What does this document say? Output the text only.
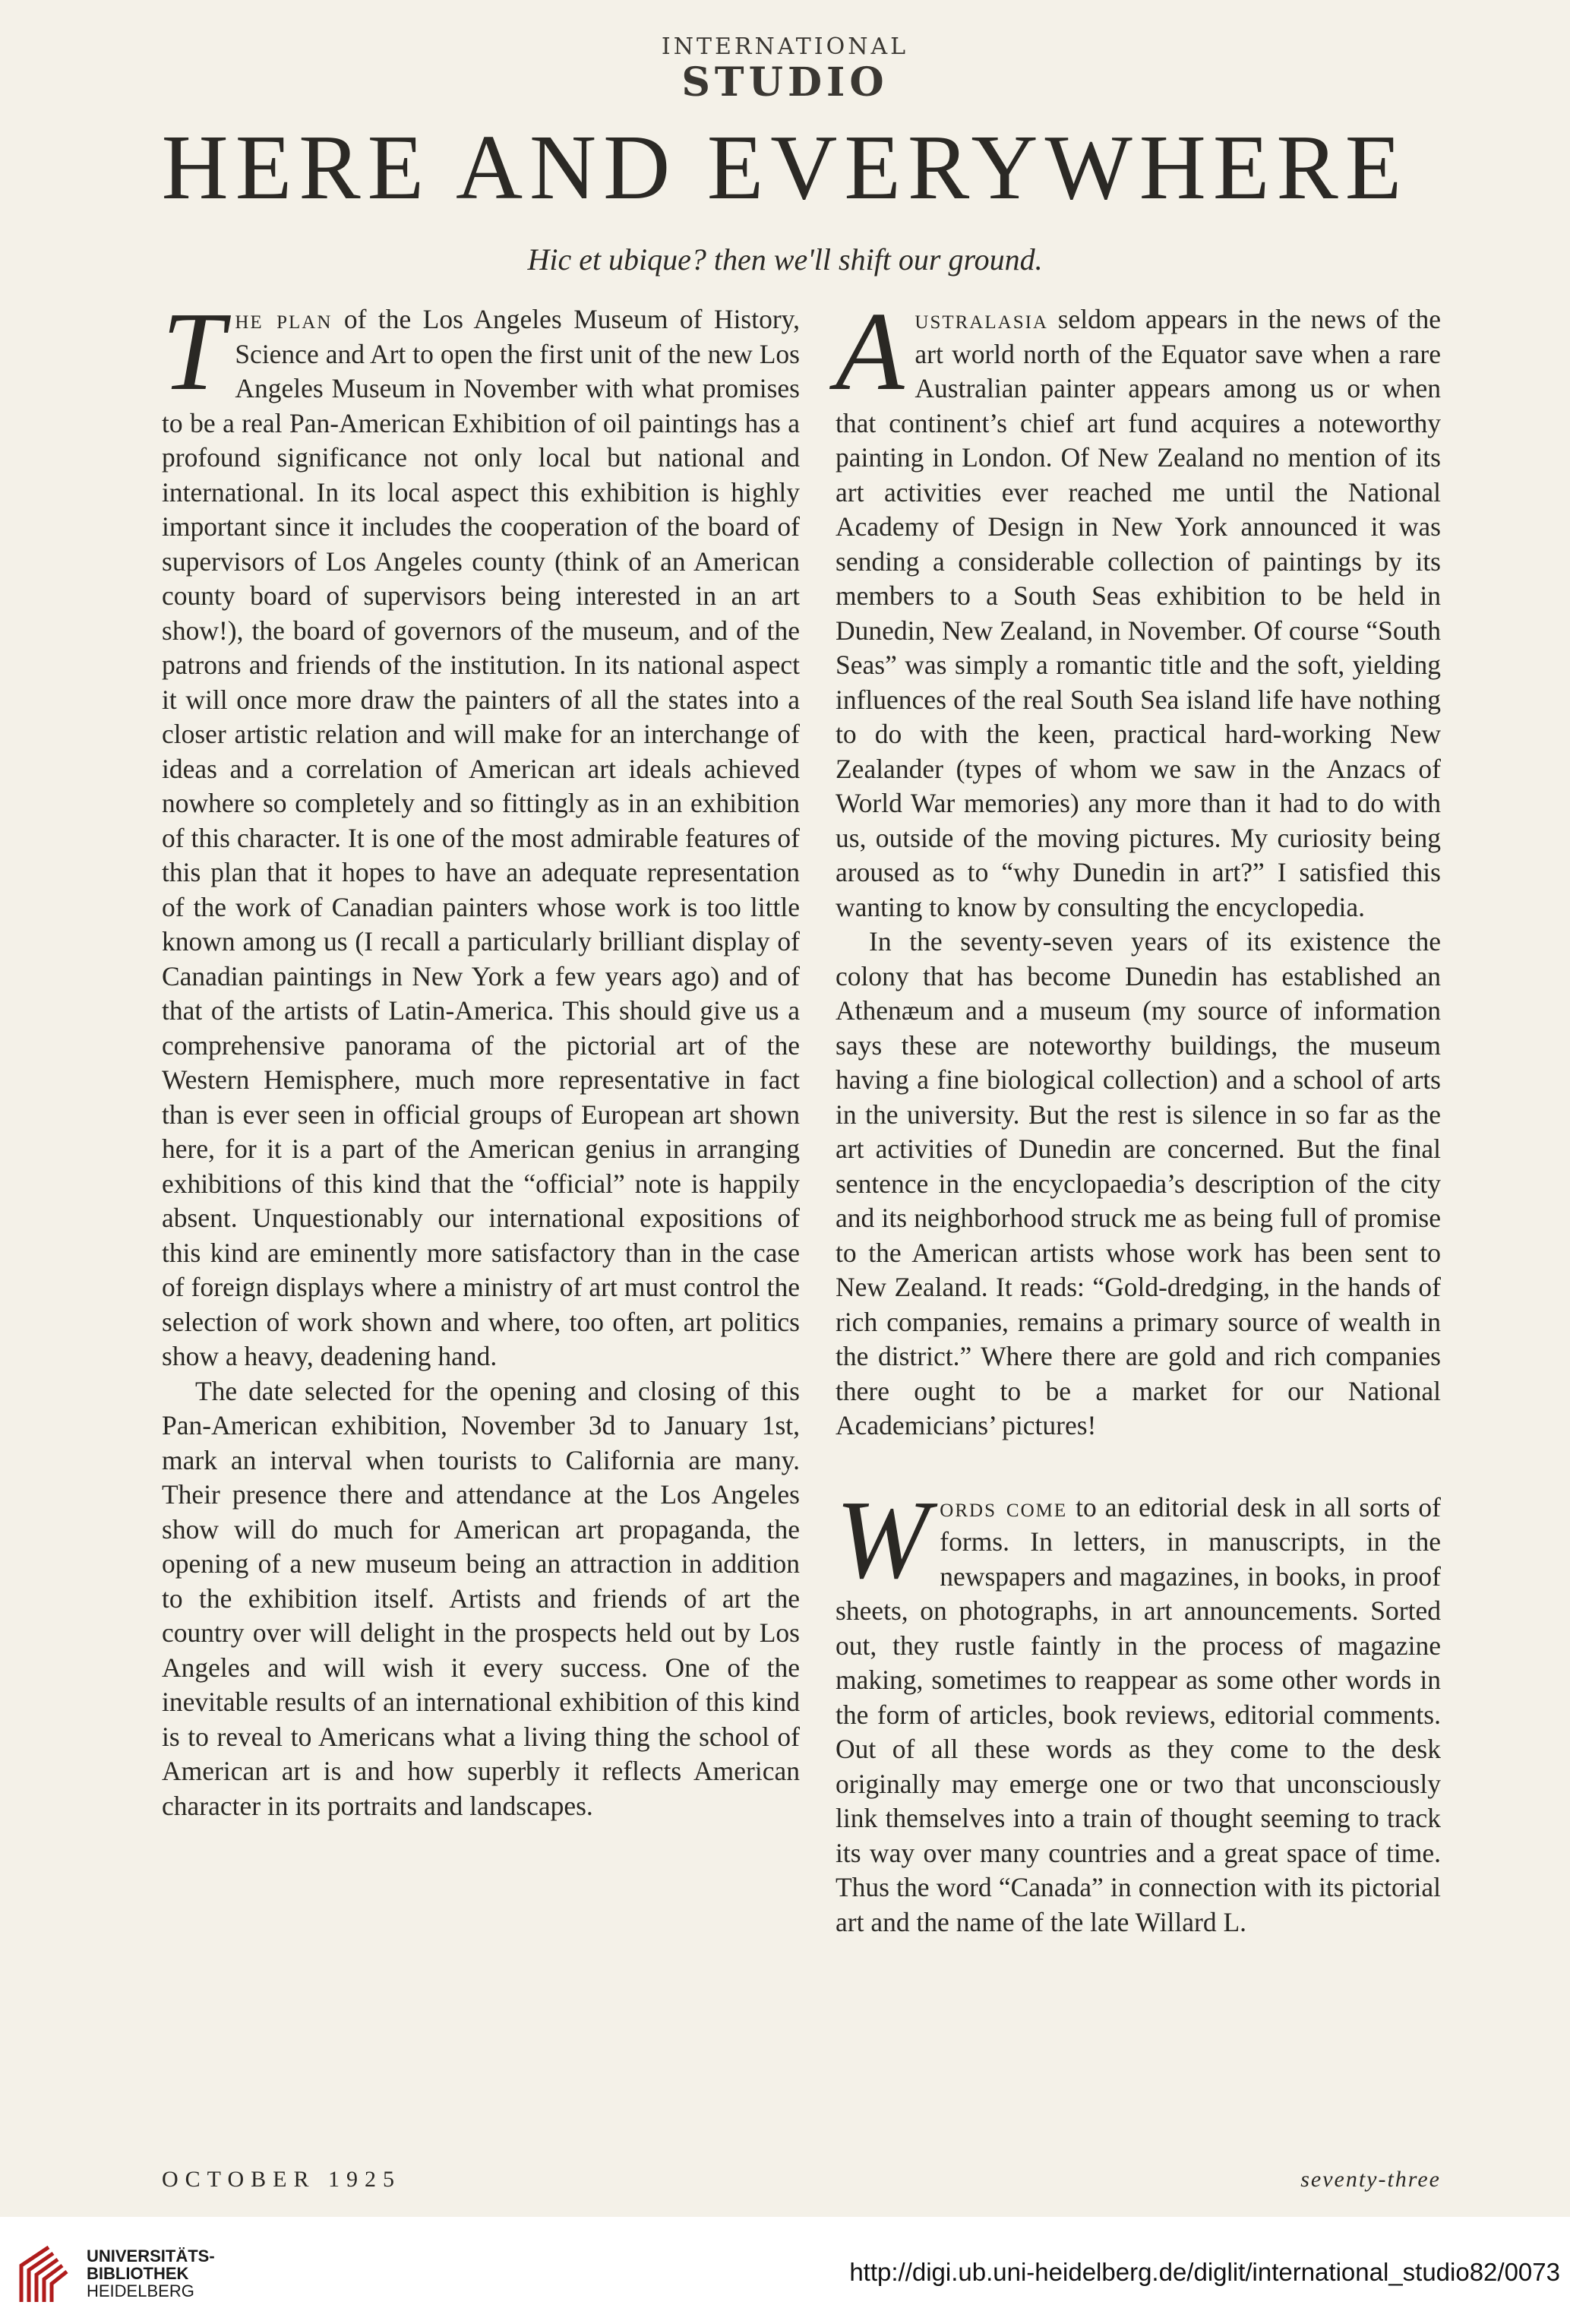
INTERNATIONAL
STUDIO
HERE AND EVERYWHERE
Hic et ubique? then we'll shift our ground.

The plan of the Los Angeles Museum of History, Science and Art to open the first unit of the new Los Angeles Museum in November with what promises to be a real Pan-American Exhibition of oil paintings has a profound significance not only local but national and international. In its local aspect this exhibition is highly important since it includes the cooperation of the board of supervisors of Los Angeles county (think of an American county board of supervisors being interested in an art show!), the board of governors of the museum, and of the patrons and friends of the institution. In its national aspect it will once more draw the painters of all the states into a closer artistic relation and will make for an interchange of ideas and a correlation of American art ideals achieved nowhere so completely and so fittingly as in an exhibition of this character. It is one of the most admirable features of this plan that it hopes to have an adequate representation of the work of Canadian painters whose work is too little known among us (I recall a particularly brilliant display of Canadian paintings in New York a few years ago) and of that of the artists of Latin-America. This should give us a comprehensive panorama of the pictorial art of the Western Hemisphere, much more representative in fact than is ever seen in official groups of European art shown here, for it is a part of the American genius in arranging exhibitions of this kind that the “official” note is happily absent. Unquestionably our international expositions of this kind are eminently more satisfactory than in the case of foreign displays where a ministry of art must control the selection of work shown and where, too often, art politics show a heavy, deadening hand.

The date selected for the opening and closing of this Pan-American exhibition, November 3d to January 1st, mark an interval when tourists to California are many. Their presence there and attendance at the Los Angeles show will do much for American art propaganda, the opening of a new museum being an attraction in addition to the exhibition itself. Artists and friends of art the country over will delight in the prospects held out by Los Angeles and will wish it every success. One of the inevitable results of an international exhibition of this kind is to reveal to Americans what a living thing the school of American art is and how superbly it reflects American character in its portraits and landscapes.

Australasia seldom appears in the news of the art world north of the Equator save when a rare Australian painter appears among us or when that continent’s chief art fund acquires a noteworthy painting in London. Of New Zealand no mention of its art activities ever reached me until the National Academy of Design in New York announced it was sending a considerable collection of paintings by its members to a South Seas exhibition to be held in Dunedin, New Zealand, in November. Of course “South Seas” was simply a romantic title and the soft, yielding influences of the real South Sea island life have nothing to do with the keen, practical hard-working New Zealander (types of whom we saw in the Anzacs of World War memories) any more than it had to do with us, outside of the moving pictures. My curiosity being aroused as to “why Dunedin in art?” I satisfied this wanting to know by consulting the encyclopedia.

In the seventy-seven years of its existence the colony that has become Dunedin has established an Athenæum and a museum (my source of information says these are noteworthy buildings, the museum having a fine biological collection) and a school of arts in the university. But the rest is silence in so far as the art activities of Dunedin are concerned. But the final sentence in the encyclopaedia’s description of the city and its neighborhood struck me as being full of promise to the American artists whose work has been sent to New Zealand. It reads: “Gold-dredging, in the hands of rich companies, remains a primary source of wealth in the district.” Where there are gold and rich companies there ought to be a market for our National Academicians’ pictures!

Words come to an editorial desk in all sorts of forms. In letters, in manuscripts, in the newspapers and magazines, in books, in proof sheets, on photographs, in art announcements. Sorted out, they rustle faintly in the process of magazine making, sometimes to reappear as some other words in the form of articles, book reviews, editorial comments. Out of all these words as they come to the desk originally may emerge one or two that unconsciously link themselves into a train of thought seeming to track its way over many countries and a great space of time. Thus the word “Canada” in connection with its pictorial art and the name of the late Willard L.

OCTOBER 1925	seventy-three
UNIVERSITÄTS-
BIBLIOTHEK
HEIDELBERG
http://digi.ub.uni-heidelberg.de/diglit/international_studio82/0073
